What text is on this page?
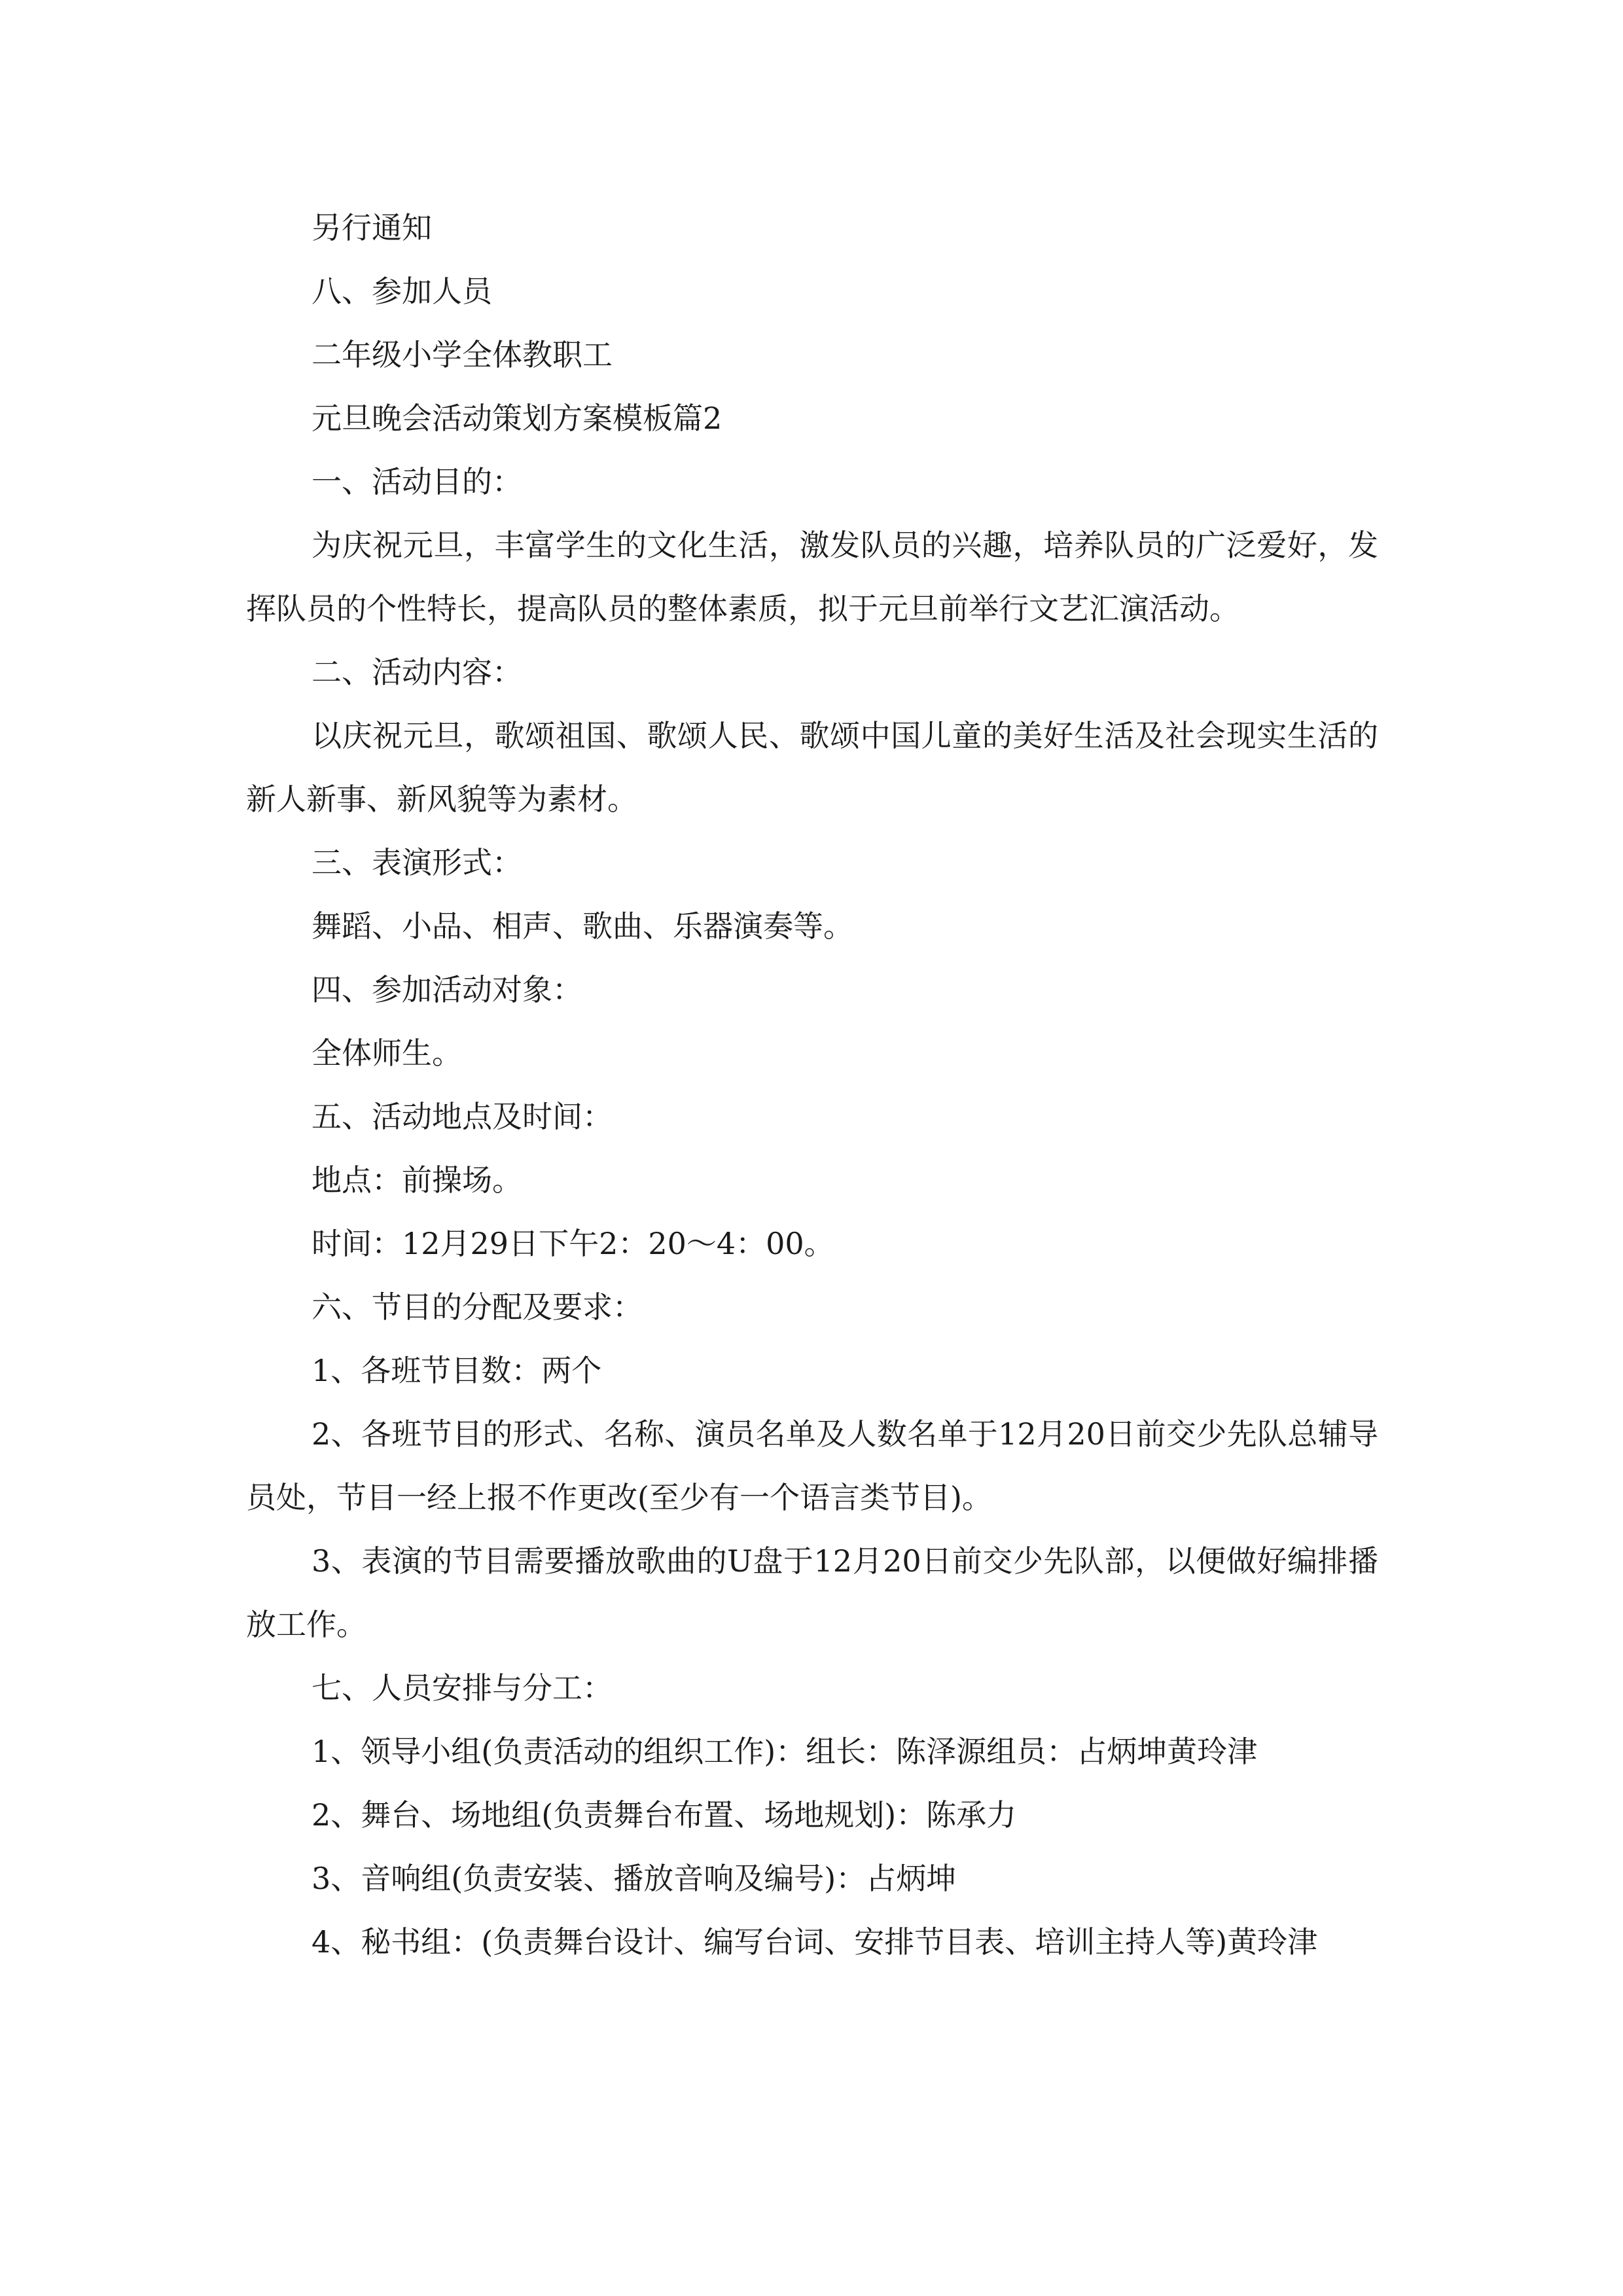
另行通知

八、参加人员

二年级小学全体教职工

元旦晚会活动策划方案模板篇2

一、活动目的：

为庆祝元旦，丰富学生的文化生活，激发队员的兴趣，培养队员的广泛爱好，发挥队员的个性特长，提高队员的整体素质，拟于元旦前举行文艺汇演活动。

二、活动内容：

以庆祝元旦，歌颂祖国、歌颂人民、歌颂中国儿童的美好生活及社会现实生活的新人新事、新风貌等为素材。

三、表演形式：

舞蹈、小品、相声、歌曲、乐器演奏等。

四、参加活动对象：

全体师生。

五、活动地点及时间：

地点：前操场。

时间：12月29日下午2：20～4：00。

六、节目的分配及要求：

1、各班节目数：两个

2、各班节目的形式、名称、演员名单及人数名单于12月20日前交少先队总辅导员处，节目一经上报不作更改(至少有一个语言类节目)。

3、表演的节目需要播放歌曲的U盘于12月20日前交少先队部，以便做好编排播放工作。

七、人员安排与分工：

1、领导小组(负责活动的组织工作)：组长：陈泽源组员：占炳坤黄玲津

2、舞台、场地组(负责舞台布置、场地规划)：陈承力

3、音响组(负责安装、播放音响及编号)：占炳坤

4、秘书组：(负责舞台设计、编写台词、安排节目表、培训主持人等)黄玲津
